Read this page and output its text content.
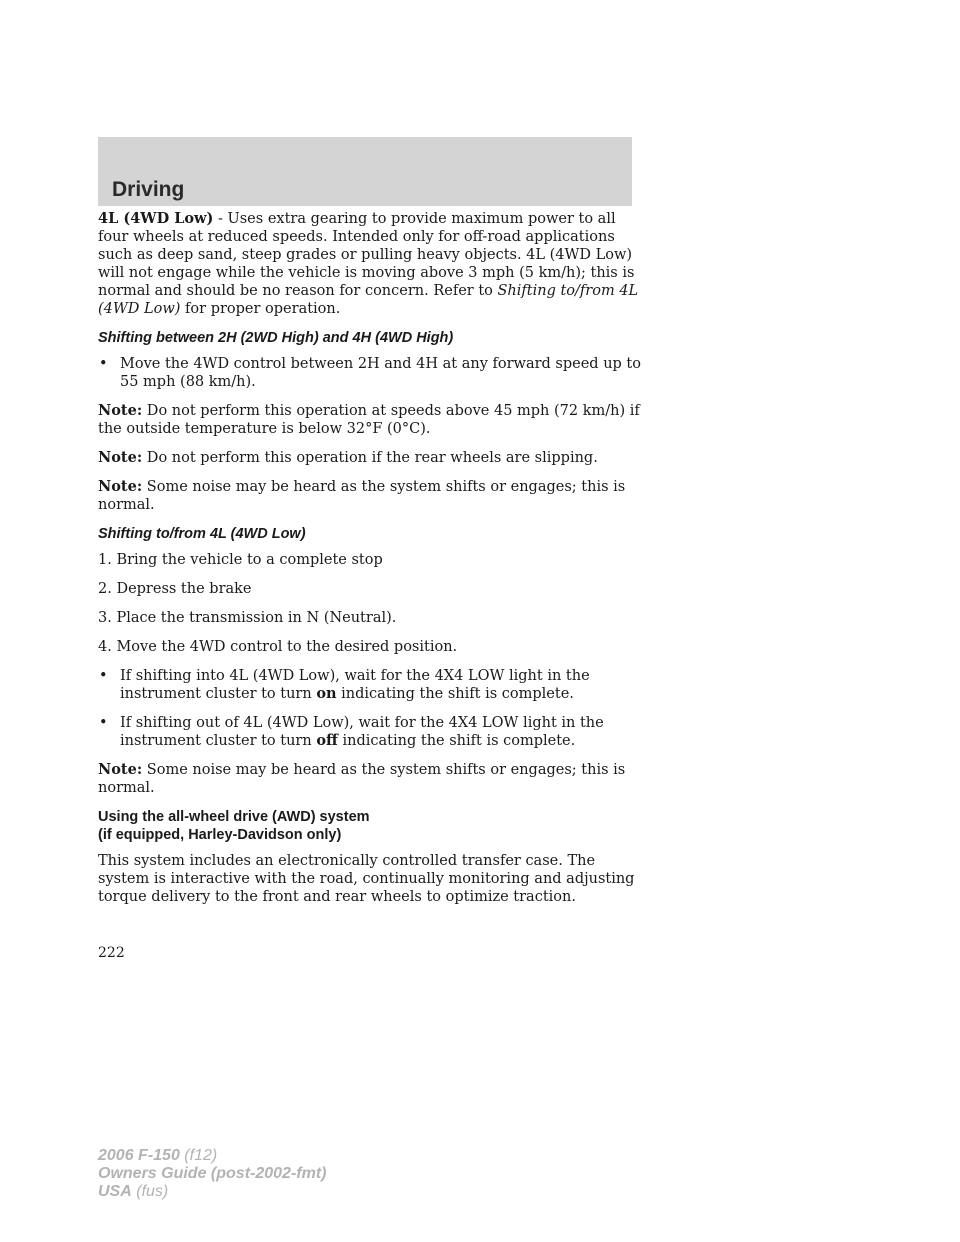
Driving

4L (4WD Low) - Uses extra gearing to provide maximum power to all four wheels at reduced speeds. Intended only for off-road applications such as deep sand, steep grades or pulling heavy objects. 4L (4WD Low) will not engage while the vehicle is moving above 3 mph (5 km/h); this is normal and should be no reason for concern. Refer to Shifting to/from 4L (4WD Low) for proper operation.

Shifting between 2H (2WD High) and 4H (4WD High)
• Move the 4WD control between 2H and 4H at any forward speed up to 55 mph (88 km/h).

Note: Do not perform this operation at speeds above 45 mph (72 km/h) if the outside temperature is below 32°F (0°C).

Note: Do not perform this operation if the rear wheels are slipping.

Note: Some noise may be heard as the system shifts or engages; this is normal.

Shifting to/from 4L (4WD Low)

1. Bring the vehicle to a complete stop

2. Depress the brake

3. Place the transmission in N (Neutral).

4. Move the 4WD control to the desired position.

• If shifting into 4L (4WD Low), wait for the 4X4 LOW light in the instrument cluster to turn on indicating the shift is complete.
• If shifting out of 4L (4WD Low), wait for the 4X4 LOW light in the instrument cluster to turn off indicating the shift is complete.

Note: Some noise may be heard as the system shifts or engages; this is normal.

Using the all-wheel drive (AWD) system
(if equipped, Harley-Davidson only)

This system includes an electronically controlled transfer case. The system is interactive with the road, continually monitoring and adjusting torque delivery to the front and rear wheels to optimize traction.

222
2006 F-150 (f12)
Owners Guide (post-2002-fmt)
USA (fus)
